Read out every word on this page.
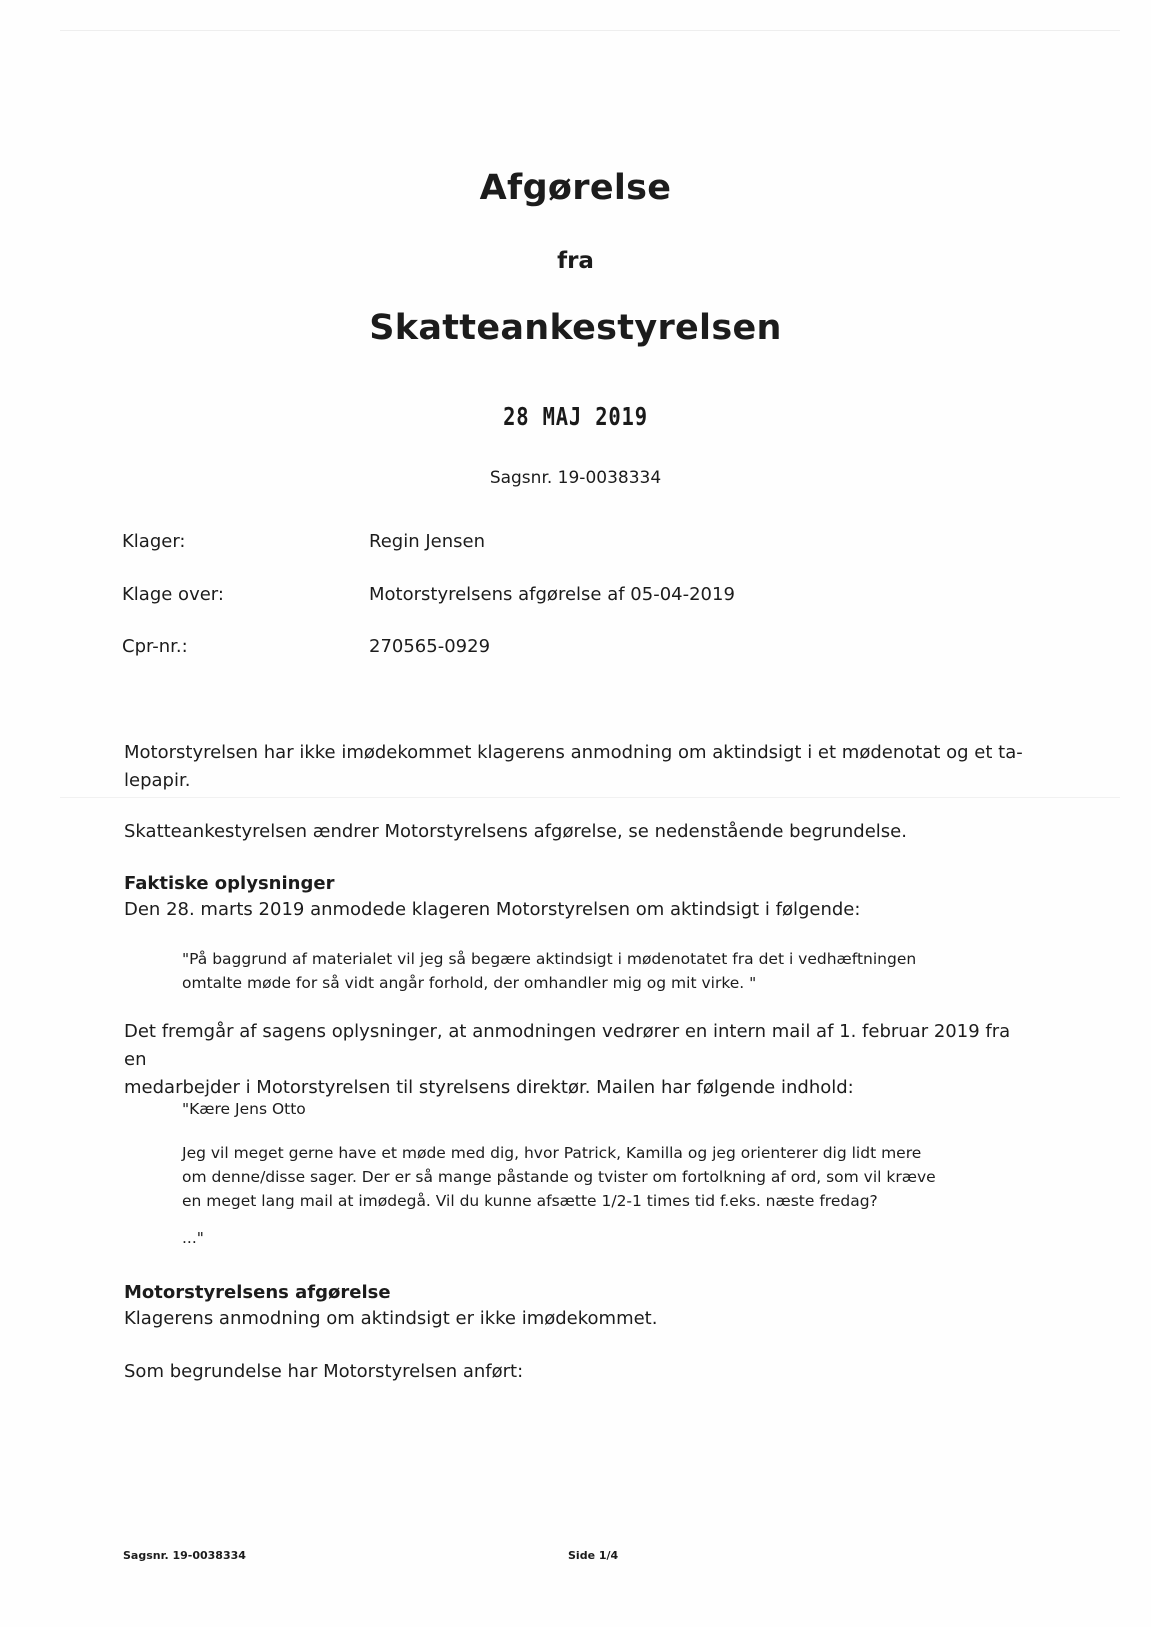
Afgørelse
fra
Skatteankestyrelsen
28 MAJ 2019
Sagsnr. 19-0038334
Klager:	Regin Jensen
Klage over:	Motorstyrelsens afgørelse af 05-04-2019
Cpr-nr.:	270565-0929
Motorstyrelsen har ikke imødekommet klagerens anmodning om aktindsigt i et mødenotat og et ta-
lepapir.
Skatteankestyrelsen ændrer Motorstyrelsens afgørelse, se nedenstående begrundelse.
Faktiske oplysninger
Den 28. marts 2019 anmodede klageren Motorstyrelsen om aktindsigt i følgende:
"På baggrund af materialet vil jeg så begære aktindsigt i mødenotatet fra det i vedhæftningen
omtalte møde for så vidt angår forhold, der omhandler mig og mit virke. "
Det fremgår af sagens oplysninger, at anmodningen vedrører en intern mail af 1. februar 2019 fra en
medarbejder i Motorstyrelsen til styrelsens direktør. Mailen har følgende indhold:
"Kære Jens Otto
Jeg vil meget gerne have et møde med dig, hvor Patrick, Kamilla og jeg orienterer dig lidt mere
om denne/disse sager. Der er så mange påstande og tvister om fortolkning af ord, som vil kræve
en meget lang mail at imødegå. Vil du kunne afsætte 1/2-1 times tid f.eks. næste fredag?
..."
Motorstyrelsens afgørelse
Klagerens anmodning om aktindsigt er ikke imødekommet.
Som begrundelse har Motorstyrelsen anført:
Sagsnr. 19-0038334	Side 1/4
